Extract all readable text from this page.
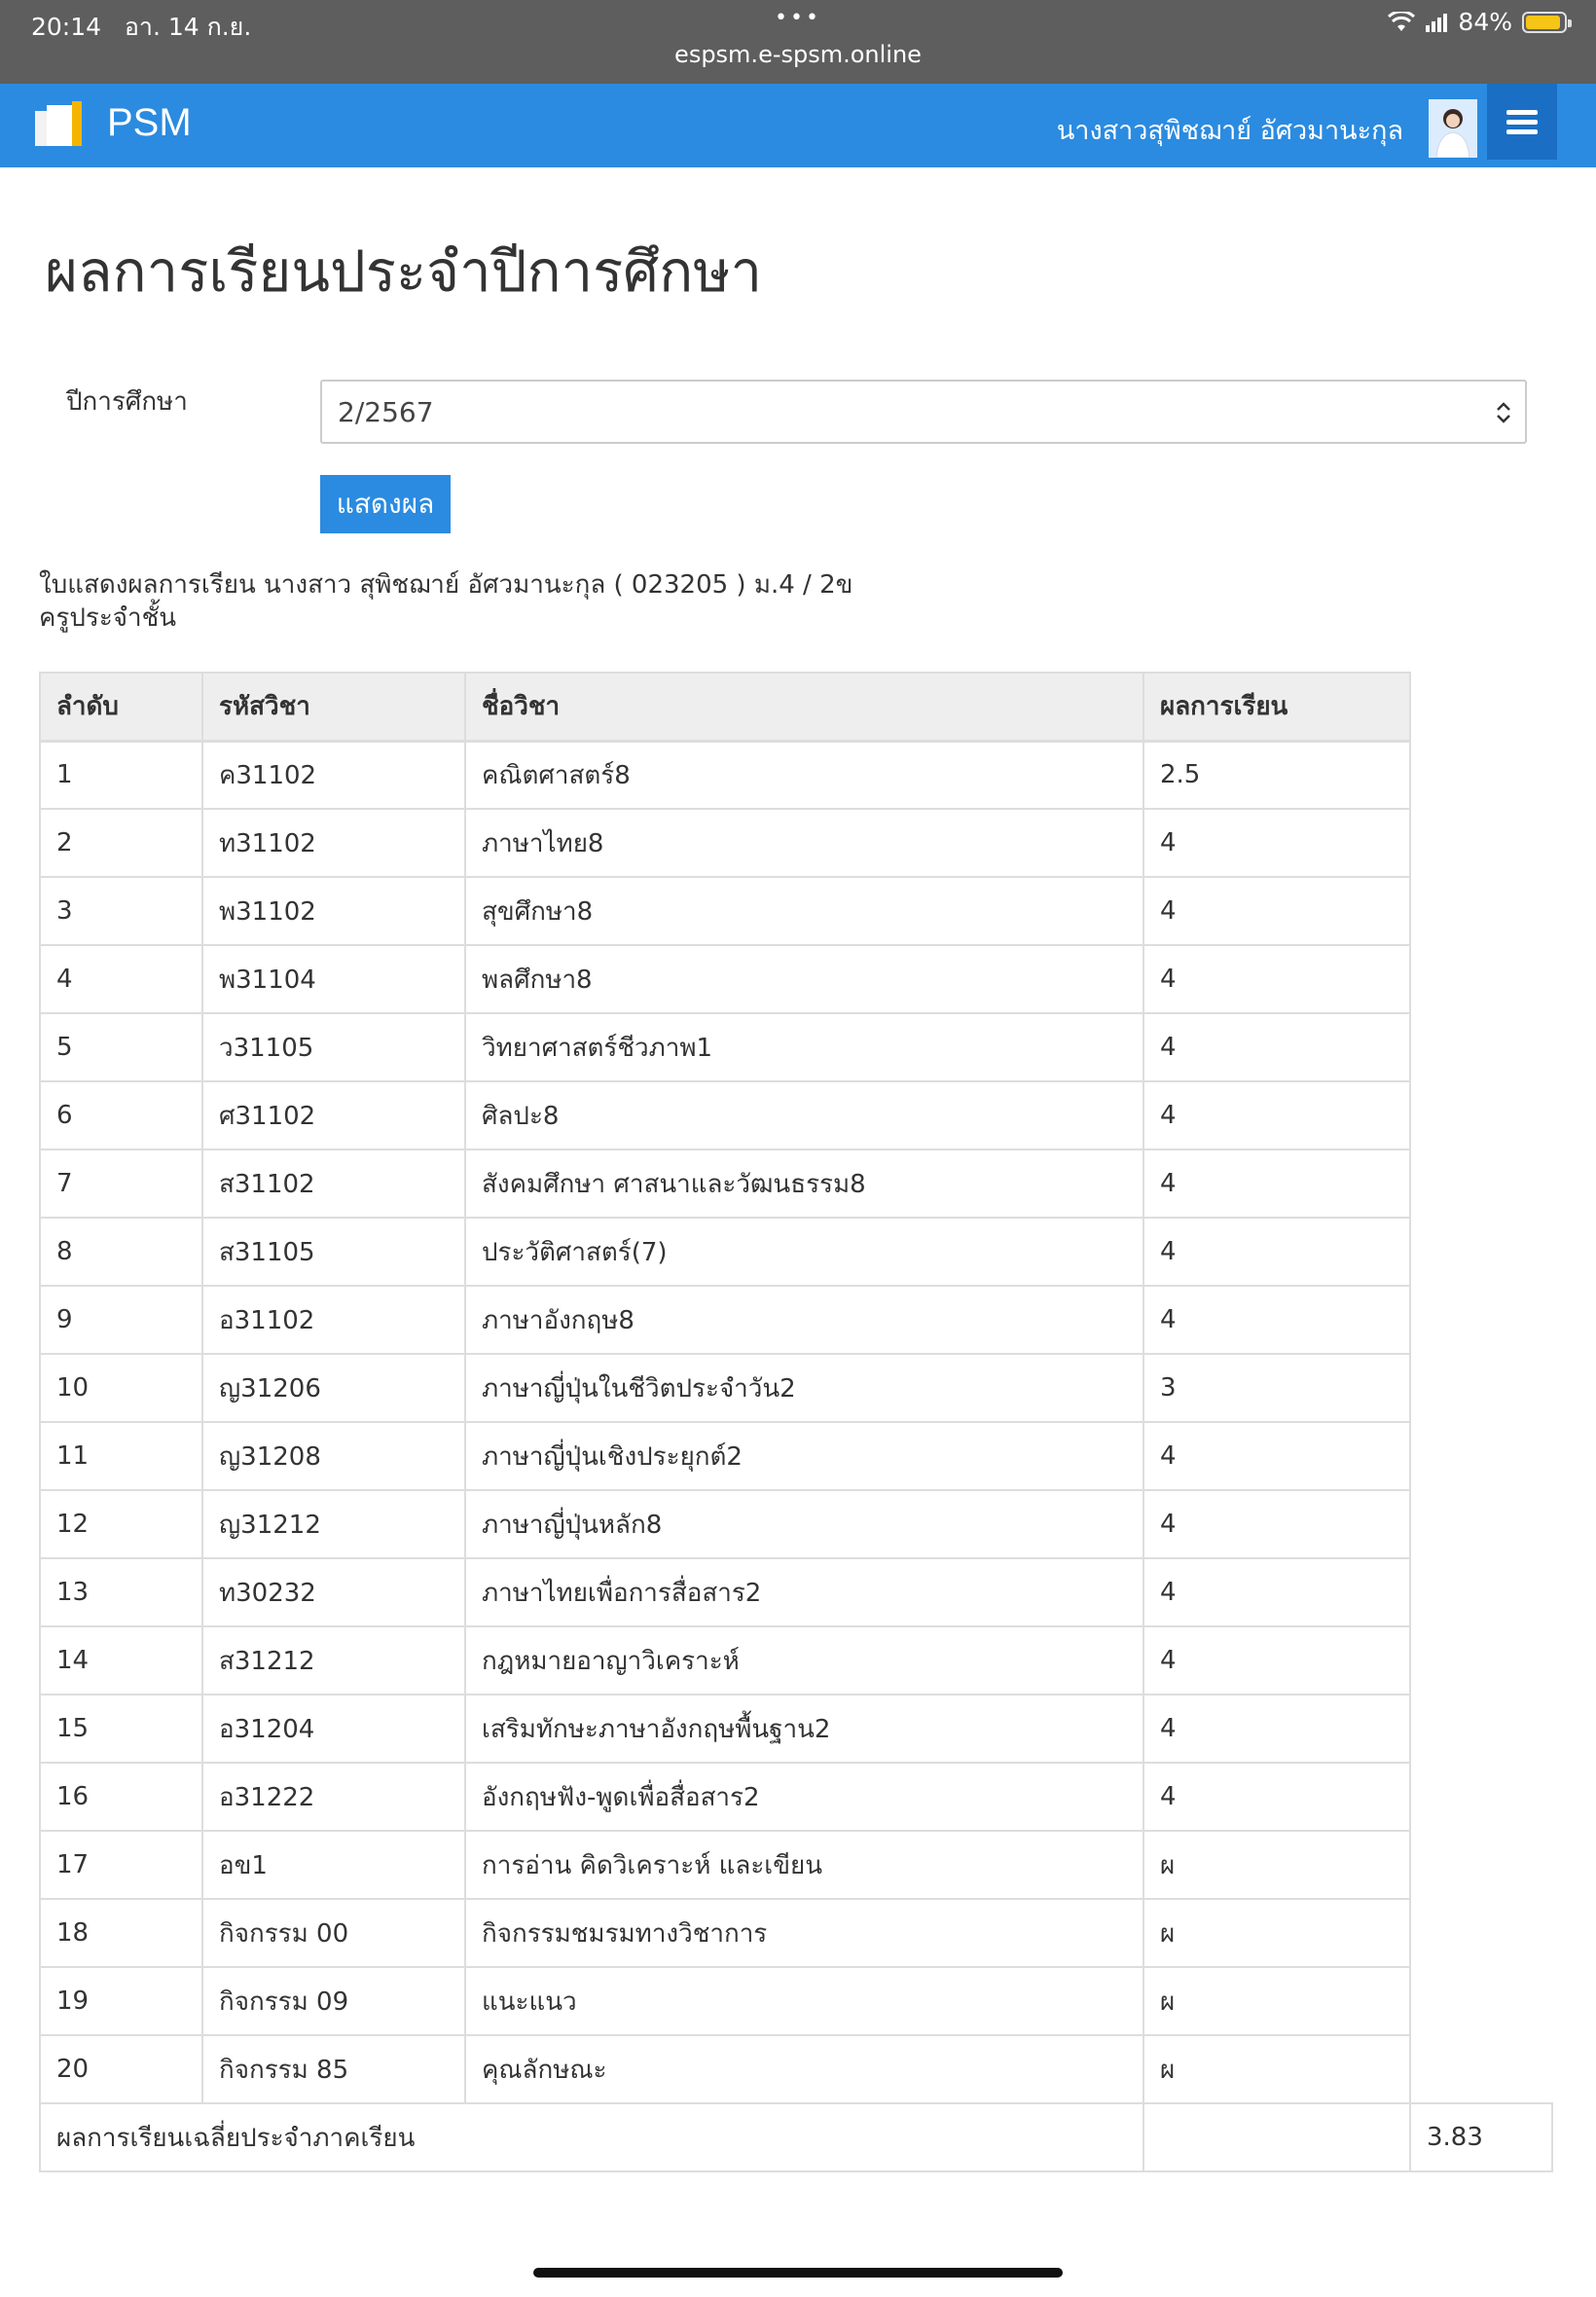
20:14 อา. 14 ก.ย.	•••
espsm.e-spsm.online
84%
PSM	นางสาวสุพิชฌาย์ อัศวมานะกุล
ผลการเรียนประจำปีการศึกษา
ปีการศึกษา	2/2567
แสดงผล
ใบแสดงผลการเรียน นางสาว สุพิชฌาย์ อัศวมานะกุล ( 023205 ) ม.4 / 2ข
ครูประจำชั้น
ลำดับ	รหัสวิชา	ชื่อวิชา	ผลการเรียน	
1	ค31102	คณิตศาสตร์8	2.5	
2	ท31102	ภาษาไทย8	4	
3	พ31102	สุขศึกษา8	4	
4	พ31104	พลศึกษา8	4	
5	ว31105	วิทยาศาสตร์ชีวภาพ1	4	
6	ศ31102	ศิลปะ8	4	
7	ส31102	สังคมศึกษา ศาสนาและวัฒนธรรม8	4	
8	ส31105	ประวัติศาสตร์(7)	4	
9	อ31102	ภาษาอังกฤษ8	4	
10	ญ31206	ภาษาญี่ปุ่นในชีวิตประจำวัน2	3	
11	ญ31208	ภาษาญี่ปุ่นเชิงประยุกต์2	4	
12	ญ31212	ภาษาญี่ปุ่นหลัก8	4	
13	ท30232	ภาษาไทยเพื่อการสื่อสาร2	4	
14	ส31212	กฎหมายอาญาวิเคราะห์	4	
15	อ31204	เสริมทักษะภาษาอังกฤษพื้นฐาน2	4	
16	อ31222	อังกฤษฟัง-พูดเพื่อสื่อสาร2	4	
17	อข1	การอ่าน คิดวิเคราะห์ และเขียน	ผ	
18	กิจกรรม 00	กิจกรรมชมรมทางวิชาการ	ผ	
19	กิจกรรม 09	แนะแนว	ผ	
20	กิจกรรม 85	คุณลักษณะ	ผ	
ผลการเรียนเฉลี่ยประจำภาคเรียน				3.83
